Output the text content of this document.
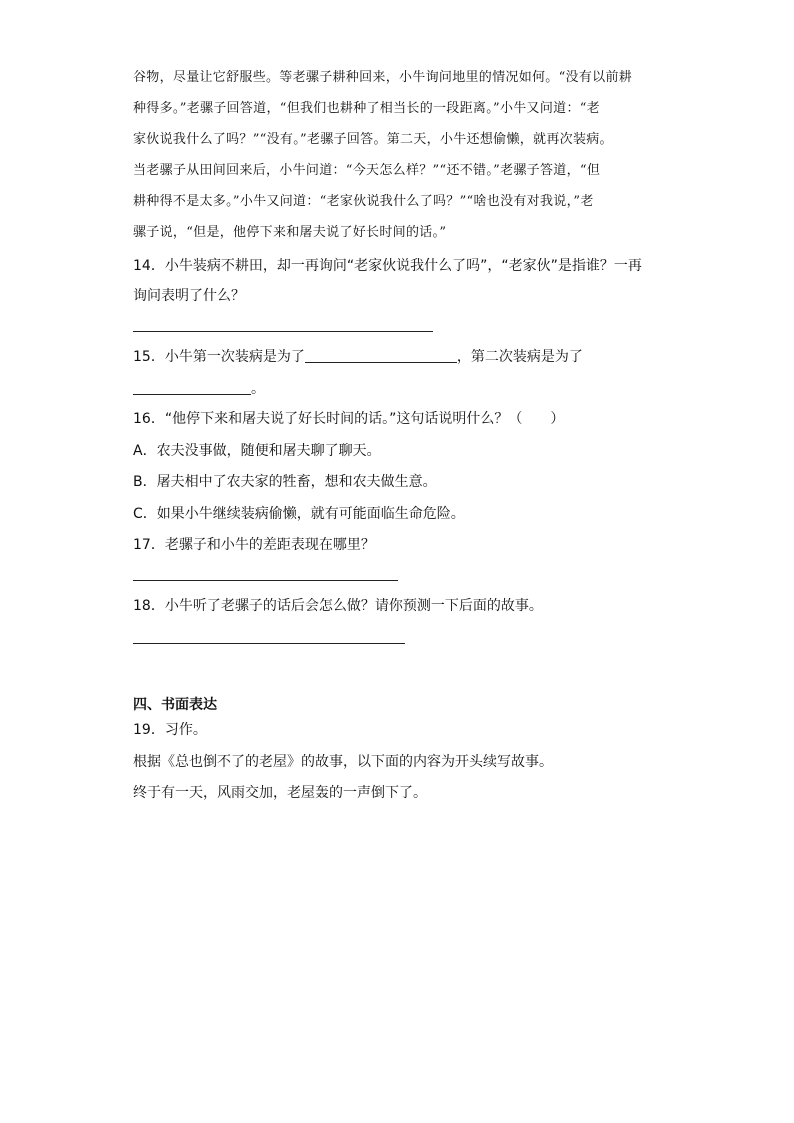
谷物，尽量让它舒服些。等老骡子耕种回来，小牛询问地里的情况如何。“没有以前耕
种得多。”老骡子回答道，“但我们也耕种了相当长的一段距离。”小牛又问道：“老
家伙说我什么了吗？”“没有。”老骡子回答。第二天，小牛还想偷懒，就再次装病。
当老骡子从田间回来后，小牛问道：“今天怎么样？”“还不错。”老骡子答道，“但
耕种得不是太多。”小牛又问道：“老家伙说我什么了吗？”“啥也没有对我说，”老
骡子说，“但是，他停下来和屠夫说了好长时间的话。”
14．小牛装病不耕田，却一再询问“老家伙说我什么了吗”，“老家伙”是指谁？一再
询问表明了什么？
15．小牛第一次装病是为了	，第二次装病是为了
。
16．“他停下来和屠夫说了好长时间的话。”这句话说明什么？（　　）
A．农夫没事做，随便和屠夫聊了聊天。
B．屠夫相中了农夫家的牲畜，想和农夫做生意。
C．如果小牛继续装病偷懒，就有可能面临生命危险。
17．老骡子和小牛的差距表现在哪里？
18．小牛听了老骡子的话后会怎么做？请你预测一下后面的故事。
四、书面表达
19．习作。
根据《总也倒不了的老屋》的故事，以下面的内容为开头续写故事。
终于有一天，风雨交加，老屋轰的一声倒下了。
